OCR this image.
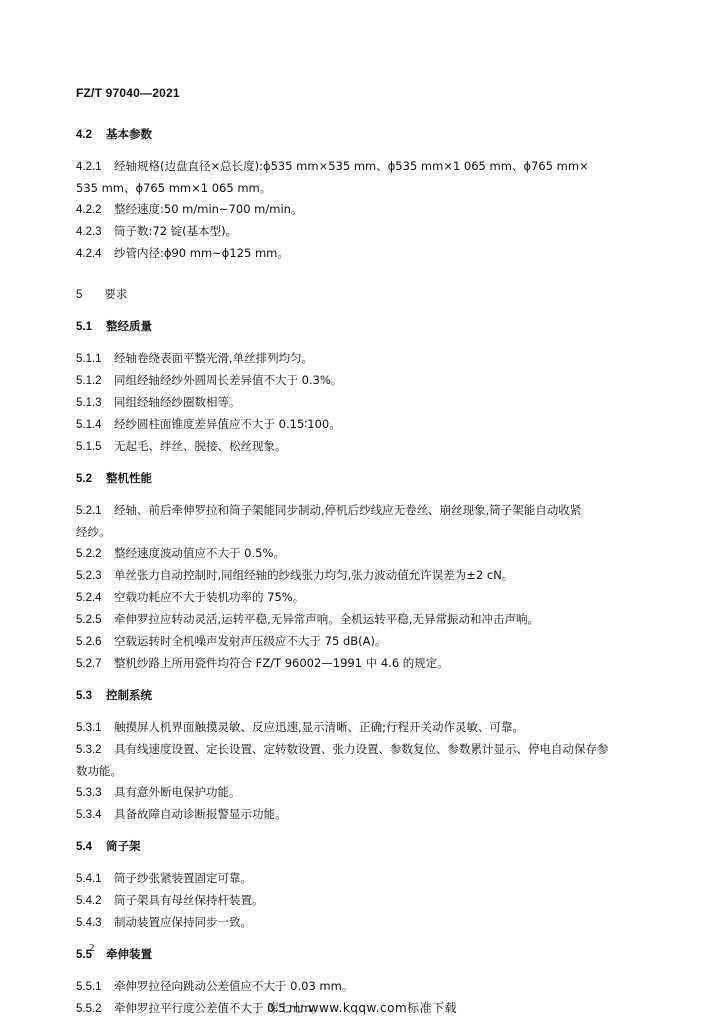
FZ/T 97040—2021
4.2 基本参数
4.2.1 经轴规格(边盘直径×总长度):ϕ535 mm×535 mm、ϕ535 mm×1 065 mm、ϕ765 mm×
535 mm、ϕ765 mm×1 065 mm。
4.2.2 整经速度:50 m/min~700 m/min。
4.2.3 筒子数:72 锭(基本型)。
4.2.4 纱管内径:ϕ90 mm~ϕ125 mm。
5 要求
5.1 整经质量
5.1.1 经轴卷绕表面平整光滑,单丝排列均匀。
5.1.2 同组经轴经纱外圆周长差异值不大于 0.3%。
5.1.3 同组经轴经纱圈数相等。
5.1.4 经纱圆柱面锥度差异值应不大于 0.15∶100。
5.1.5 无起毛、绊丝、脱接、松丝现象。
5.2 整机性能
5.2.1 经轴、前后牵伸罗拉和筒子架能同步制动,停机后纱线应无卷丝、崩丝现象,筒子架能自动收紧
经纱。
5.2.2 整经速度波动值应不大于 0.5%。
5.2.3 单丝张力自动控制时,同组经轴的纱线张力均匀,张力波动值允许误差为±2 cN。
5.2.4 空载功耗应不大于装机功率的 75%。
5.2.5 牵伸罗拉应转动灵活,运转平稳,无异常声响。全机运转平稳,无异常振动和冲击声响。
5.2.6 空载运转时全机噪声发射声压级应不大于 75 dB(A)。
5.2.7 整机纱路上所用瓷件均符合 FZ/T 96002—1991 中 4.6 的规定。
5.3 控制系统
5.3.1 触摸屏人机界面触摸灵敏、反应迅速,显示清晰、正确;行程开关动作灵敏、可靠。
5.3.2 具有线速度设置、定长设置、定转数设置、张力设置、参数复位、参数累计显示、停电自动保存参
数功能。
5.3.3 具有意外断电保护功能。
5.3.4 具备故障自动诊断报警显示功能。
5.4 筒子架
5.4.1 筒子纱张紧装置固定可靠。
5.4.2 筒子架具有母丝保持杆装置。
5.4.3 制动装置应保持同步一致。
5.5 牵伸装置
5.5.1 牵伸罗拉径向跳动公差值应不大于 0.03 mm。
5.5.2 牵伸罗拉平行度公差值不大于 0.5 mm。
2
库七七 www.kqqw.com标准下载
